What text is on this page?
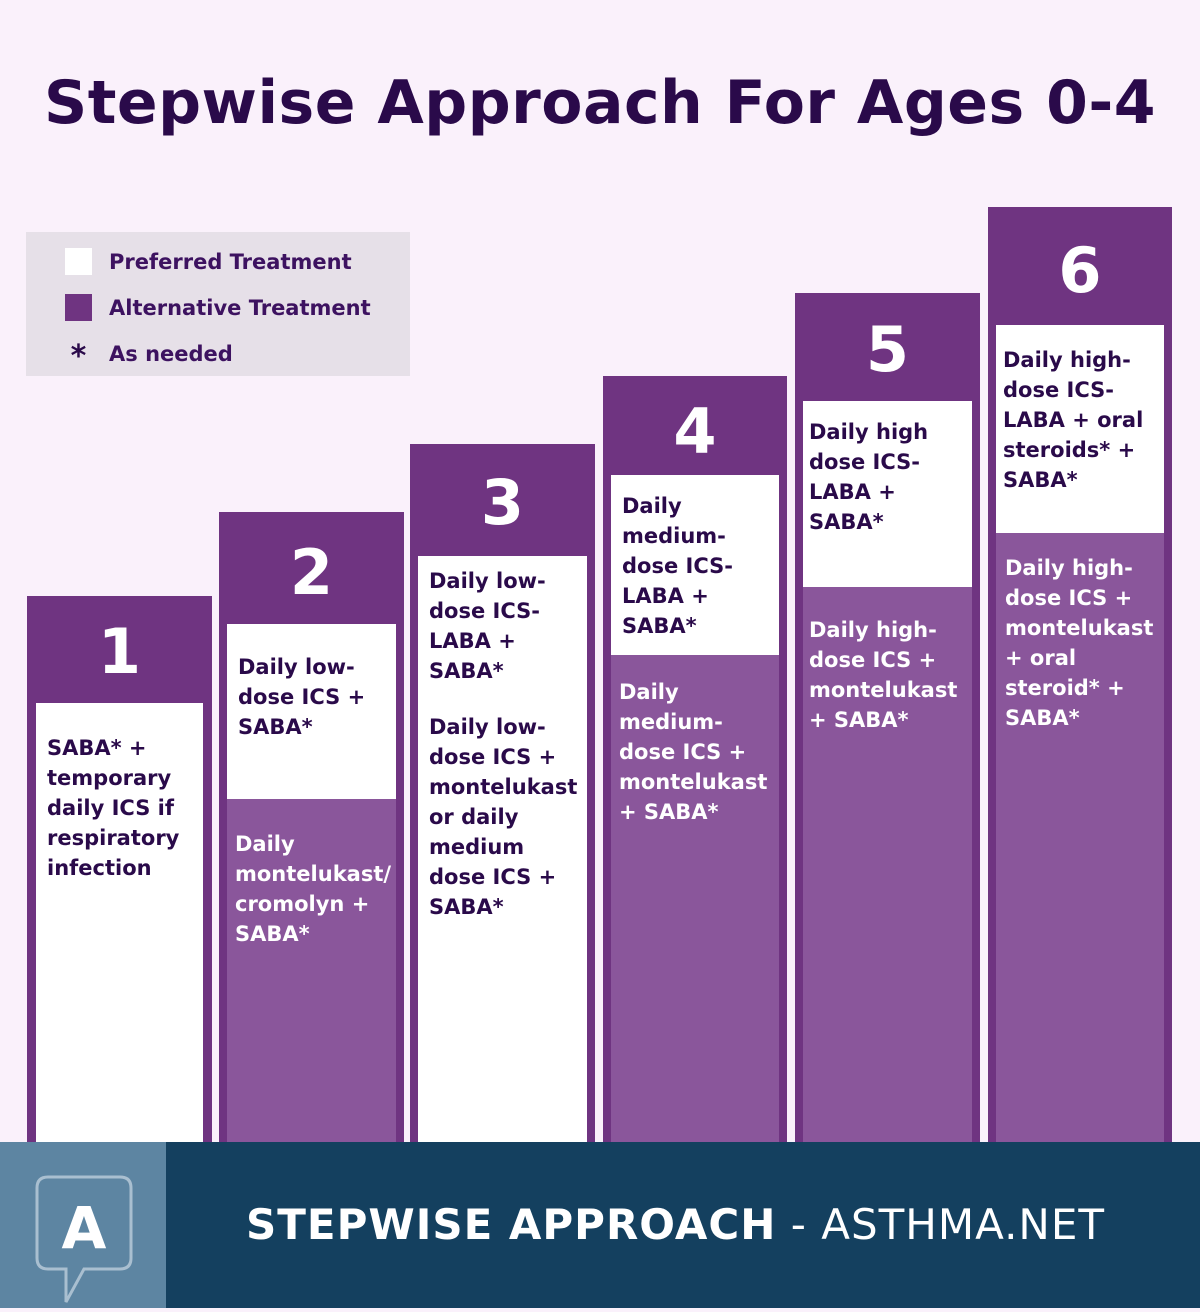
Stepwise Approach For Ages 0-4
Preferred Treatment
Alternative Treatment
* As needed
1
SABA* + temporary daily ICS if respiratory infection
2
Daily low-dose ICS + SABA*
Daily montelukast/ cromolyn + SABA*
3
Daily low-dose ICS-LABA + SABA*
Daily low-dose ICS + montelukast or daily medium dose ICS + SABA*
4
Daily medium-dose ICS-LABA + SABA*
Daily medium-dose ICS + montelukast + SABA*
5
Daily high dose ICS-LABA + SABA*
Daily high-dose ICS + montelukast + SABA*
6
Daily high-dose ICS-LABA + oral steroids* + SABA*
Daily high-dose ICS + montelukast + oral steroid* + SABA*
A	STEPWISE APPROACH - ASTHMA.NET
